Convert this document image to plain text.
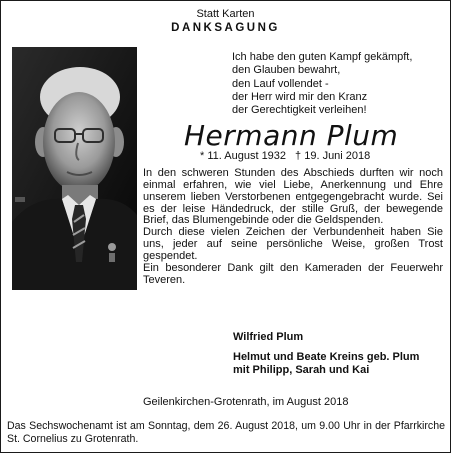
Statt Karten
DANKSAGUNG
Ich habe den guten Kampf gekämpft,
den Glauben bewahrt,
den Lauf vollendet -
der Herr wird mir den Kranz
der Gerechtigkeit verleihen!
Hermann Plum
* 11. August 1932 † 19. Juni 2018

In den schweren Stunden des Abschieds durften wir noch einmal erfahren, wie viel Liebe, Anerkennung und Ehre unserem lieben Verstorbenen entgegengebracht wurde. Sei es der leise Händedruck, der stille Gruß, der bewegende Brief, das Blumengebinde oder die Geldspenden.

Durch diese vielen Zeichen der Verbundenheit haben Sie uns, jeder auf seine persönliche Weise, großen Trost gespendet.

Ein besonderer Dank gilt den Kameraden der Feuerwehr Teveren.

Wilfried Plum
Helmut und Beate Kreins geb. Plum
mit Philipp, Sarah und Kai
Geilenkirchen-Grotenrath, im August 2018
Das Sechswochenamt ist am Sonntag, dem 26. August 2018, um 9.00 Uhr in der Pfarrkirche St. Cornelius zu Grotenrath.
